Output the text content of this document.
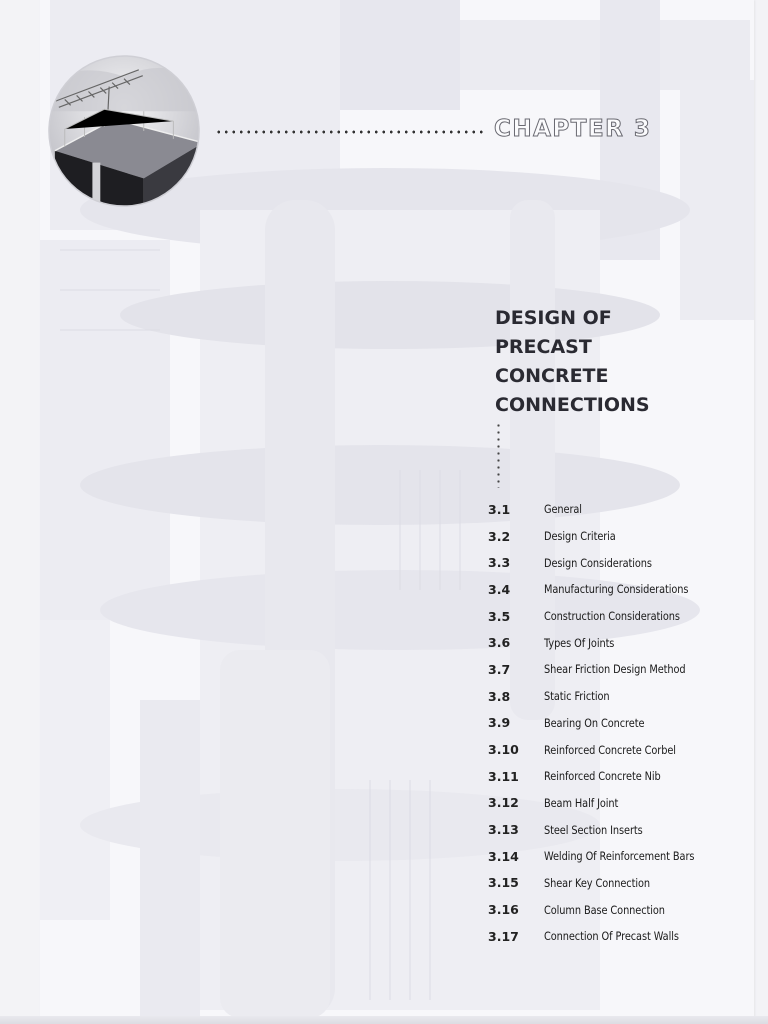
CHAPTER 3
DESIGN OF
PRECAST
CONCRETE
CONNECTIONS
3.1	General
3.2	Design Criteria
3.3	Design Considerations
3.4	Manufacturing Considerations
3.5	Construction Considerations
3.6	Types Of Joints
3.7	Shear Friction Design Method
3.8	Static Friction
3.9	Bearing On Concrete
3.10	Reinforced Concrete Corbel
3.11	Reinforced Concrete Nib
3.12	Beam Half Joint
3.13	Steel Section Inserts
3.14	Welding Of Reinforcement Bars
3.15	Shear Key Connection
3.16	Column Base Connection
3.17	Connection Of Precast Walls
